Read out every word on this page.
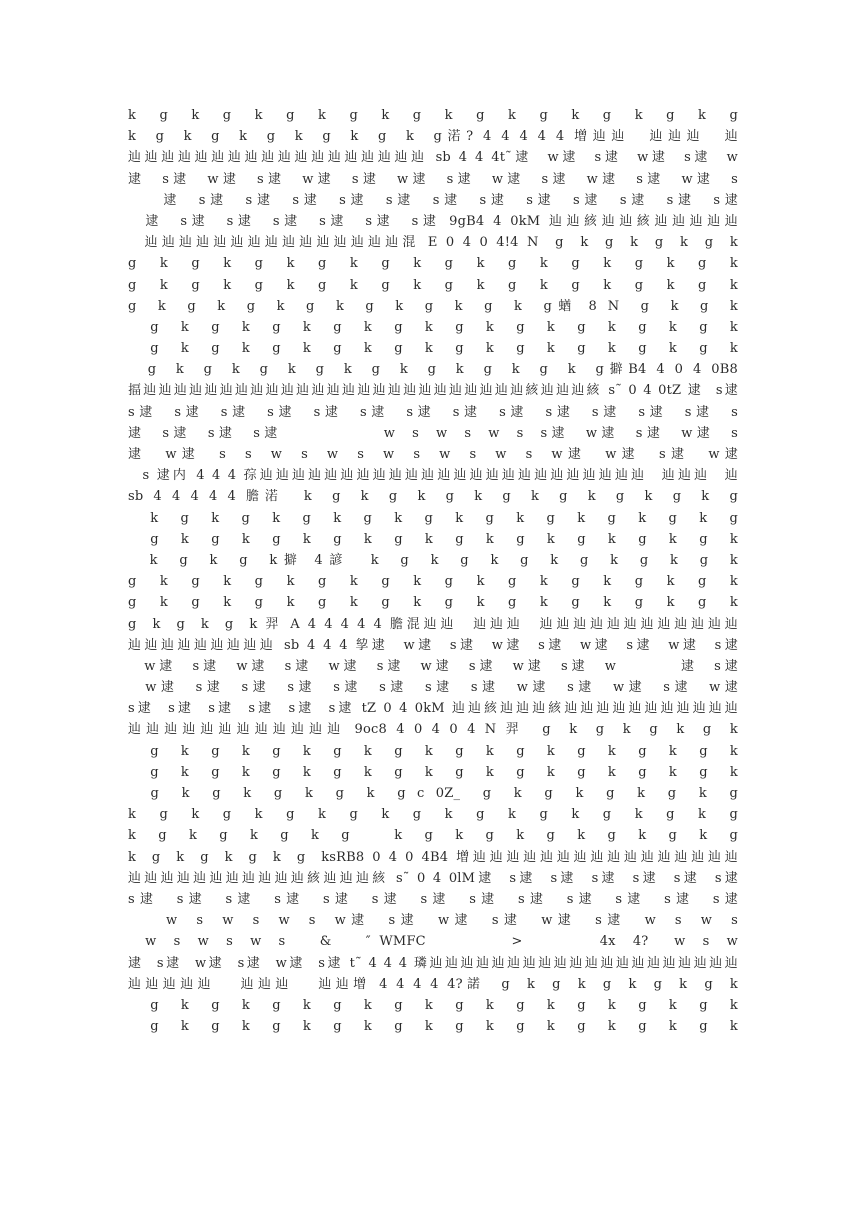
k  g  k  g  k  g  k  g  k  g  k  g  k  g  k  g  k  g  k  g
k  g  k  g  k  g  k  g  k  g  k  g渃? 4 4 4 4 4 增辿辿  辿辿辿  辿
辿辿辿辿辿辿辿辿辿辿辿辿辿辿辿辿辿辿 sb 4 4 4t˜逮  w逮  s逮  w逮  s逮  w
逮  s逮  w逮  s逮  w逮  s逮  w逮  s逮  w逮  s逮  w逮  s逮  w逮  s
逮  s逮  s逮  s逮  s逮  s逮  s逮  s逮  s逮  s逮  s逮  s逮  s逮
逮  s逮  s逮  s逮  s逮  s逮  s逮 9gB4 4 0kM 辿辿絯辿辿絯辿辿辿辿辿
辿辿辿辿辿辿辿辿辿辿辿辿辿辿辿混 E 0 4 0 4!4 N  g  k  g  k  g  k  g  k
g  k  g  k  g  k  g  k  g  k  g  k  g  k  g  k  g  k  g  k
g  k  g  k  g  k  g  k  g  k  g  k  g  k  g  k  g  k  g  k
g  k  g  k  g  k  g  k  g  k  g  k  g  k  g蝤 8 N  g  k  g  k
g  k  g  k  g  k  g  k  g  k  g  k  g  k  g  k  g  k  g  k
g  k  g  k  g  k  g  k  g  k  g  k  g  k  g  k  g  k  g  k
g  k  g  k  g  k  g  k  g  k  g  k  g  k  g  k  g擗B4 4 0 4 0B8
揊辿辿辿辿辿辿辿辿辿辿辿辿辿辿辿辿辿辿辿辿辿辿辿辿辿絯辿辿辿絯 s˜ 0 4 0tZ 逮  s逮
s逮  s逮  s逮  s逮  s逮  s逮  s逮  s逮  s逮  s逮  s逮  s逮  s逮  s
逮  s逮  s逮  s逮            w  s  w  s  w  s  s逮  w逮  s逮  w逮  s
逮  w逮  s  s  w  s  w  s  w  s  w  s  w  s  w逮  w逮  s逮  w逮
s 逮内 4 4 4 孮辿辿辿辿辿辿辿辿辿辿辿辿辿辿辿辿辿辿辿辿辿辿辿辿  辿辿辿  辿
sb 4 4 4 4 4 膽渃  k  g  k  g  k  g  k  g  k  g  k  g  k  g  k  g
k  g  k  g  k  g  k  g  k  g  k  g  k  g  k  g  k  g  k  g
g  k  g  k  g  k  g  k  g  k  g  k  g  k  g  k  g  k  g  k
k  g  k  g  k擗 4諺  k  g  k  g  k  g  k  g  k  g  k  g  k
g  k  g  k  g  k  g  k  g  k  g  k  g  k  g  k  g  k  g  k
g  k  g  k  g  k  g  k  g  k  g  k  g  k  g  k  g  k  g  k
g  k  g  k  g  k 羿 A 4 4 4 4 4 膽混辿辿  辿辿辿  辿辿辿辿辿辿辿辿辿辿辿辿
辿辿辿辿辿辿辿辿辿 sb 4 4 4 孧逮  w逮  s逮  w逮  s逮  w逮  s逮  w逮  s逮
w逮  s逮  w逮  s逮  w逮  s逮  w逮  s逮  w逮  s逮  w        逮  s逮
w逮  s逮  s逮  s逮  s逮  s逮  s逮  s逮  w逮  s逮  w逮  s逮  w逮
s逮  s逮  s逮  s逮  s逮  s逮 tZ 0 4 0kM 辿辿絯辿辿辿絯辿辿辿辿辿辿辿辿辿辿辿
辿辿辿辿辿辿辿辿辿辿辿辿 9oc8 4 0 4 0 4 N 羿  g  k  g  k  g  k  g  k
g  k  g  k  g  k  g  k  g  k  g  k  g  k  g  k  g  k  g  k
g  k  g  k  g  k  g  k  g  k  g  k  g  k  g  k  g  k  g  k
g  k  g  k  g  k  g  k  g c 0Z_  g  k  g  k  g  k  g  k  g
k  g  k  g  k  g  k  g  k  g  k  g  k  g  k  g  k  g  k  g
k  g  k  g  k  g  k  g    k  g  k  g  k  g  k  g  k  g  k  g
k  g  k  g  k  g  k  g  ksRB8 0 4 0 4B4 增辿辿辿辿辿辿辿辿辿辿辿辿辿辿辿辿
辿辿辿辿辿辿辿辿辿辿辿絯辿辿辿絯 s˜ 0 4 0lM逮  s逮  s逮  s逮  s逮  s逮  s逮
s逮  s逮  s逮  s逮  s逮  s逮  s逮  s逮  s逮  s逮  s逮  s逮  s逮
w  s  w  s  w  s  w逮  s逮  w逮  s逮  w逮  s逮  w  s  w  s
w  s  w  s  w  s    &    ″ WMFC          >         4x  4?   w  s  w
逮  s逮  w逮  s逮  w逮  s逮 t˜ 4 4 4 璘辿辿辿辿辿辿辿辿辿辿辿辿辿辿辿辿辿辿辿辿
辿辿辿辿辿   辿辿辿   辿辿增 4 4 4 4 4?諾  g  k  g  k  g  k  g  k  g  k
g  k  g  k  g  k  g  k  g  k  g  k  g  k  g  k  g  k  g  k
g  k  g  k  g  k  g  k  g  k  g  k  g  k  g  k  g  k  g  k
